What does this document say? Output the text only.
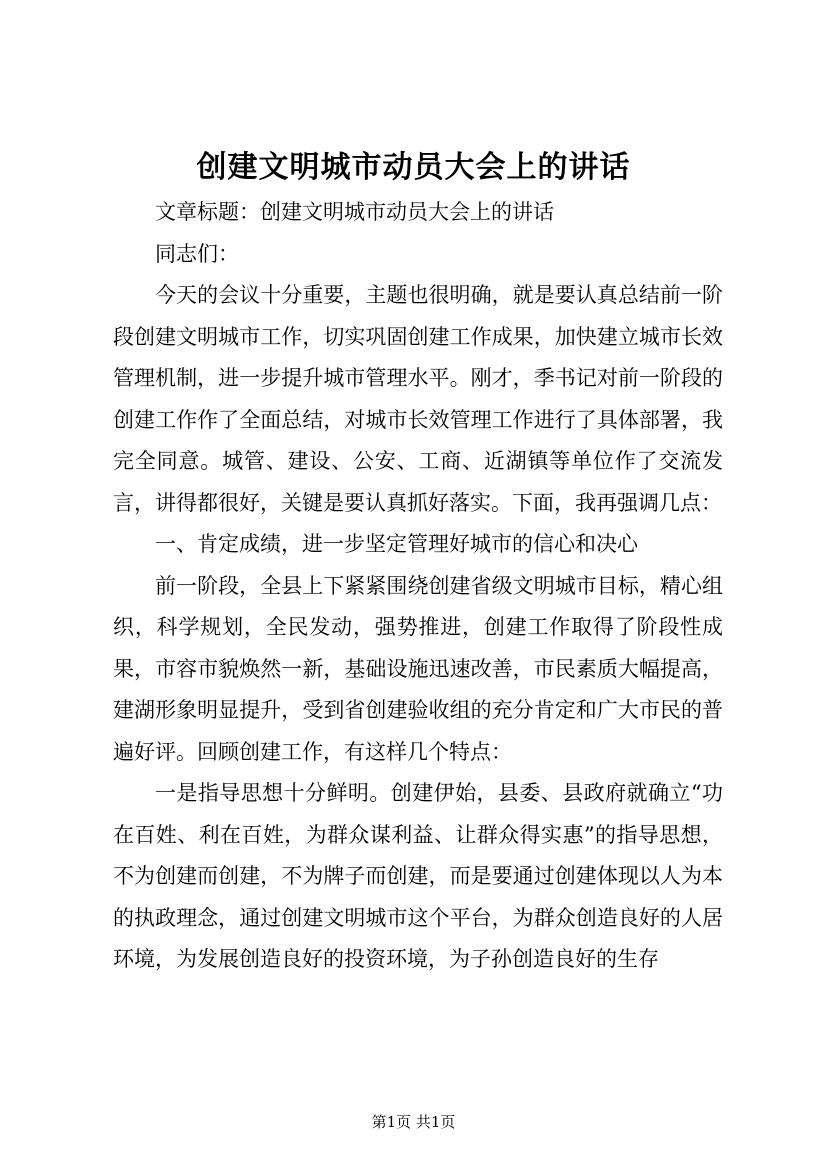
创建文明城市动员大会上的讲话

文章标题：创建文明城市动员大会上的讲话

同志们：

今天的会议十分重要，主题也很明确，就是要认真总结前一阶段创建文明城市工作，切实巩固创建工作成果，加快建立城市长效管理机制，进一步提升城市管理水平。刚才，季书记对前一阶段的创建工作作了全面总结，对城市长效管理工作进行了具体部署，我完全同意。城管、建设、公安、工商、近湖镇等单位作了交流发言，讲得都很好，关键是要认真抓好落实。下面，我再强调几点：

一、肯定成绩，进一步坚定管理好城市的信心和决心

前一阶段，全县上下紧紧围绕创建省级文明城市目标，精心组织，科学规划，全民发动，强势推进，创建工作取得了阶段性成果，市容市貌焕然一新，基础设施迅速改善，市民素质大幅提高，建湖形象明显提升，受到省创建验收组的充分肯定和广大市民的普遍好评。回顾创建工作，有这样几个特点：

一是指导思想十分鲜明。创建伊始，县委、县政府就确立“功在百姓、利在百姓，为群众谋利益、让群众得实惠”的指导思想，不为创建而创建，不为牌子而创建，而是要通过创建体现以人为本的执政理念，通过创建文明城市这个平台，为群众创造良好的人居环境，为发展创造良好的投资环境，为子孙创造良好的生存

第1页 共1页
